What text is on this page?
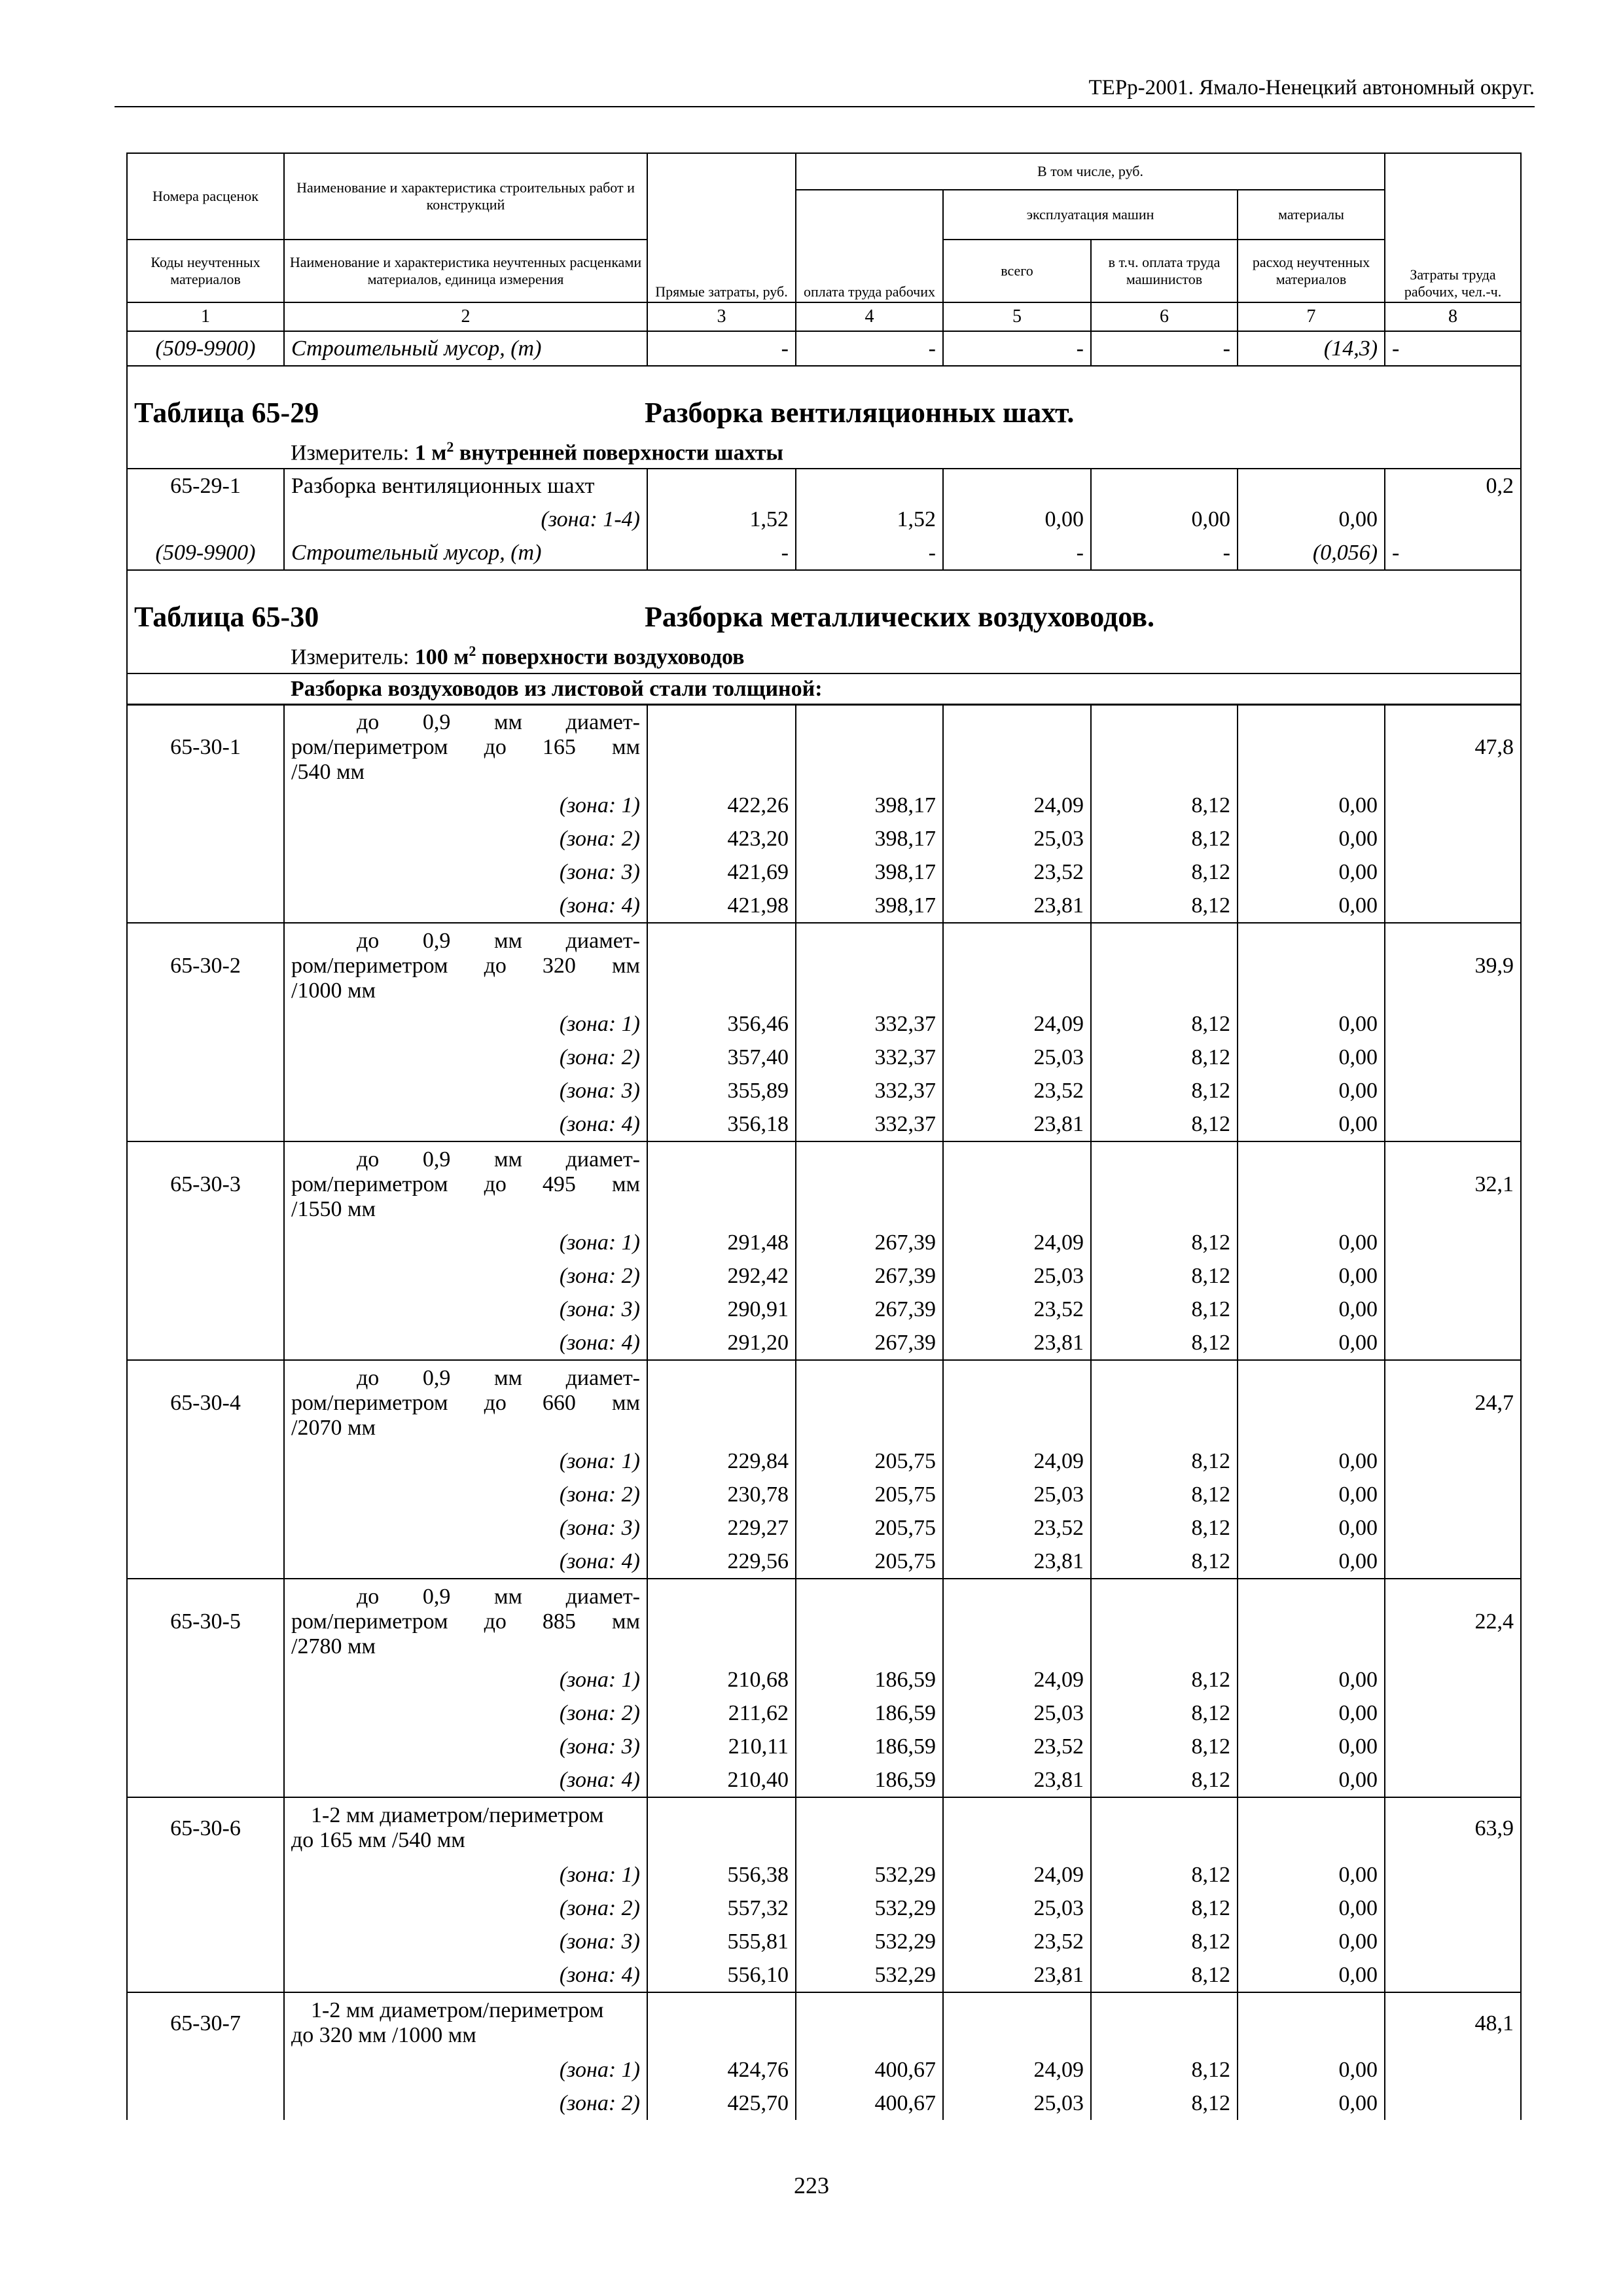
ТЕРр-2001. Ямало-Ненецкий автономный округ.
Номера расценок	Наименование и характеристика строительных работ и конструкций	Прямые затраты, руб.	В том числе, руб.				Затраты труда рабочих, чел.-ч.
			оплата труда рабочих	эксплуатация машин		материалы	
Коды неучтенных материалов	Наименование и характеристика неучтенных расценками материалов, единица измерения			всего	в т.ч. оплата труда машинистов	расход неучтенных материалов	
1	2	3	4	5	6	7	8
(509-9900)	Строительный мусор, (т)	-	-	-	-	(14,3)	-
Таблица 65-29 Разборка вентиляционных шахт.							
	Измеритель: 1 $м^2$ внутренней поверхности шахты						
65-29-1	Разборка вентиляционных шахт						0,2
	(зона: 1-4)	1,52	1,52	0,00	0,00	0,00	
(509-9900)	Строительный мусор, (т)	-	-	-	-	(0,056)	-
Таблица 65-30 Разборка металлических воздуховодов.							
	Измеритель: 100 $м^2$ поверхности воздуховодов						
	Разборка воздуховодов из листовой стали толщиной:						
65-30-1	до 0,9 мм диамет-
ром/периметром до 165 мм
/540 мм						47,8
	(зона: 1)	422,26	398,17	24,09	8,12	0,00	
	(зона: 2)	423,20	398,17	25,03	8,12	0,00	
	(зона: 3)	421,69	398,17	23,52	8,12	0,00	
	(зона: 4)	421,98	398,17	23,81	8,12	0,00	
65-30-2	до 0,9 мм диамет-
ром/периметром до 320 мм
/1000 мм						39,9
	(зона: 1)	356,46	332,37	24,09	8,12	0,00	
	(зона: 2)	357,40	332,37	25,03	8,12	0,00	
	(зона: 3)	355,89	332,37	23,52	8,12	0,00	
	(зона: 4)	356,18	332,37	23,81	8,12	0,00	
65-30-3	до 0,9 мм диамет-
ром/периметром до 495 мм
/1550 мм						32,1
	(зона: 1)	291,48	267,39	24,09	8,12	0,00	
	(зона: 2)	292,42	267,39	25,03	8,12	0,00	
	(зона: 3)	290,91	267,39	23,52	8,12	0,00	
	(зона: 4)	291,20	267,39	23,81	8,12	0,00	
65-30-4	до 0,9 мм диамет-
ром/периметром до 660 мм
/2070 мм						24,7
	(зона: 1)	229,84	205,75	24,09	8,12	0,00	
	(зона: 2)	230,78	205,75	25,03	8,12	0,00	
	(зона: 3)	229,27	205,75	23,52	8,12	0,00	
	(зона: 4)	229,56	205,75	23,81	8,12	0,00	
65-30-5	до 0,9 мм диамет-
ром/периметром до 885 мм
/2780 мм						22,4
	(зона: 1)	210,68	186,59	24,09	8,12	0,00	
	(зона: 2)	211,62	186,59	25,03	8,12	0,00	
	(зона: 3)	210,11	186,59	23,52	8,12	0,00	
	(зона: 4)	210,40	186,59	23,81	8,12	0,00	
65-30-6	1-2 мм диаметром/периметром
до 165 мм /540 мм						63,9
	(зона: 1)	556,38	532,29	24,09	8,12	0,00	
	(зона: 2)	557,32	532,29	25,03	8,12	0,00	
	(зона: 3)	555,81	532,29	23,52	8,12	0,00	
	(зона: 4)	556,10	532,29	23,81	8,12	0,00	
65-30-7	1-2 мм диаметром/периметром
до 320 мм /1000 мм						48,1
	(зона: 1)	424,76	400,67	24,09	8,12	0,00	
	(зона: 2)	425,70	400,67	25,03	8,12	0,00	
223
